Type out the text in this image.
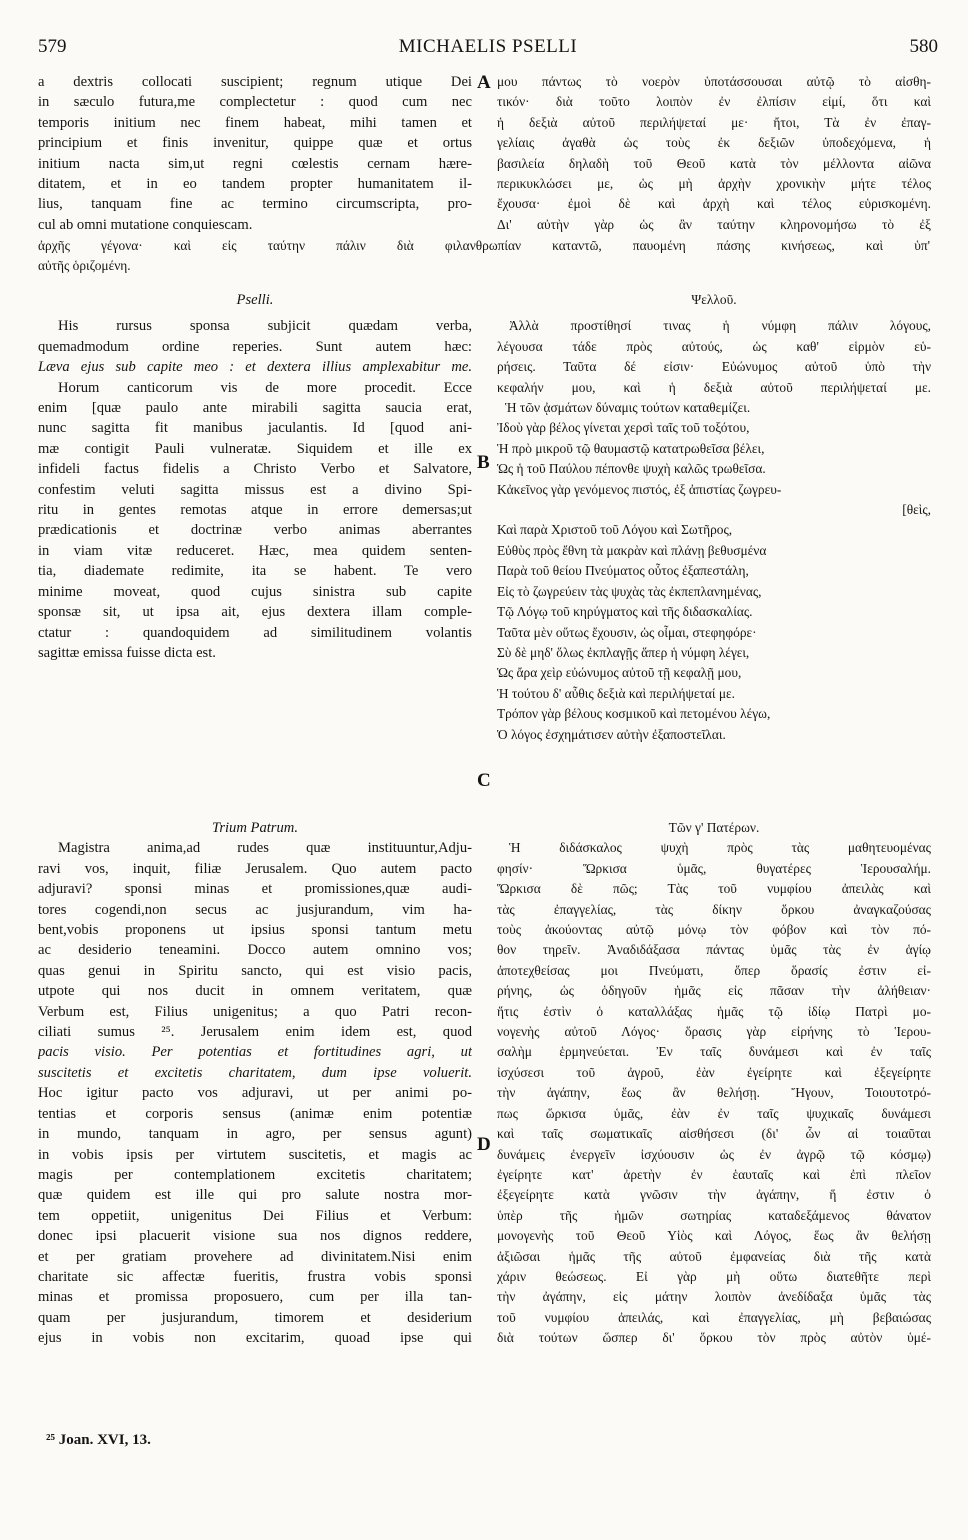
579	MICHAELIS PSELLI	580
a dextris collocati suscipient; regnum utique Dei
in sæculo futura,me complectetur : quod cum nec
temporis initium nec finem habeat, mihi tamen et
principium et finis invenitur, quippe quæ et ortus
initium nacta sim,ut regni cœlestis cernam hære-
ditatem, et in eo tandem propter humanitatem il-
lius, tanquam fine ac termino circumscripta, pro-
cul ab omni mutatione conquiescam.
A μου πάντως τὸ νοερὸν ὑποτάσσουσαι αὐτῷ τὸ αἰσθη-
τικόν· διὰ τοῦτο λοιπὸν ἐν ἐλπίσιν εἰμί, ὅτι καὶ
ἡ δεξιὰ αὐτοῦ περιλήψεταί με· ἤτοι, Τὰ ἐν ἐπαγ-
γελίαις ἀγαθὰ ὡς τοὺς ἐκ δεξιῶν ὑποδεχόμενα, ἡ
βασιλεία δηλαδὴ τοῦ Θεοῦ κατὰ τὸν μέλλοντα αἰῶνα
περικυκλώσει με, ὡς μὴ ἀρχὴν χρονικὴν μήτε τέλος
ἔχουσα· ἐμοὶ δὲ καὶ ἀρχὴ καὶ τέλος εὑρισκομένη.
Δι' αὐτὴν γὰρ ὡς ἂν ταύτην κληρονομήσω τὸ ἐξ
ἀρχῆς γέγονα· καὶ εἰς ταύτην πάλιν διὰ φιλανθρωπίαν καταντῶ, παυομένη πάσης κινήσεως, καὶ ὑπ'
αὐτῆς ὁριζομένη.
Pselli.
His rursus sponsa subjicit quædam verba,
quemadmodum ordine reperies. Sunt autem hæc:
Læva ejus sub capite meo : et dextera illius amplexabitur me.
Horum canticorum vis de more procedit. Ecce
enim [quæ paulo ante mirabili sagitta saucia erat,
nunc sagitta fit manibus jaculantis. Id [quod ani-
mæ contigit Pauli vulneratæ. Siquidem et ille ex
infideli factus fidelis a Christo Verbo et Salvatore,
confestim veluti sagitta missus est a divino Spi-
ritu in gentes remotas atque in errore demersas;ut
prædicationis et doctrinæ verbo animas aberrantes
in viam vitæ reduceret. Hæc, mea quidem senten-
tia, diademate redimite, ita se habent. Te vero
minime moveat, quod cujus sinistra sub capite
sponsæ sit, ut ipsa ait, ejus dextera illam comple-
ctatur : quandoquidem ad similitudinem volantis
sagittæ emissa fuisse dicta est.
B
Ψελλοῦ.
Ἀλλὰ προστίθησί τινας ἡ νύμφη πάλιν λόγους,
λέγουσα τάδε πρὸς αὐτούς, ὡς καθ' εἱρμὸν εὑ-
ρήσεις. Ταῦτα δέ εἰσιν· Εὐώνυμος αὐτοῦ ὑπὸ τὴν
κεφαλήν μου, καὶ ἡ δεξιὰ αὐτοῦ περιλήψεταί με.
Ἡ τῶν ᾀσμάτων δύναμις τούτων καταθεμίζει.
Ἰδοὺ γὰρ βέλος γίνεται χερσὶ ταῖς τοῦ τοξότου,
Ἡ πρὸ μικροῦ τῷ θαυμαστῷ κατατρωθεῖσα βέλει,
Ὡς ἡ τοῦ Παύλου πέπονθε ψυχὴ καλῶς τρωθεῖσα.
Κἀκεῖνος γὰρ γενόμενος πιστός, ἐξ ἀπιστίας ζωγρευ-
[θεὶς,
Καὶ παρὰ Χριστοῦ τοῦ Λόγου καὶ Σωτῆρος,
Εὐθὺς πρὸς ἔθνη τὰ μακρὰν καὶ πλάνῃ βεθυσμένα
Παρὰ τοῦ θείου Πνεύματος οὗτος ἐξαπεστάλη,
Εἰς τὸ ζωγρεύειν τὰς ψυχὰς τὰς ἐκπεπλανημένας,
Τῷ Λόγῳ τοῦ κηρύγματος καὶ τῆς διδασκαλίας.
Ταῦτα μὲν οὕτως ἔχουσιν, ὡς οἶμαι, στεφηφόρε·
Σὺ δὲ μηδ' ὅλως ἐκπλαγῇς ἅπερ ἡ νύμφη λέγει,
Ὡς ἄρα χεὶρ εὐώνυμος αὐτοῦ τῇ κεφαλῇ μου,
Ἡ τούτου δ' αὖθις δεξιὰ καὶ περιλήψεταί με.
Τρόπον γὰρ βέλους κοσμικοῦ καὶ πετομένου λέγω,
Ὁ λόγος ἐσχημάτισεν αὐτὴν ἐξαποστεῖλαι.
C
Trium Patrum.
Magistra anima,ad rudes quæ instituuntur,Adju-
ravi vos, inquit, filiæ Jerusalem. Quo autem pacto
adjuravi? sponsi minas et promissiones,quæ audi-
tores cogendi,non secus ac jusjurandum, vim ha-
bent,vobis proponens ut ipsius sponsi tantum metu
ac desiderio teneamini. Docco autem omnino vos;
quas genui in Spiritu sancto, qui est visio pacis,
utpote qui nos ducit in omnem veritatem, quæ
Verbum est, Filius unigenitus; a quo Patri recon-
ciliati sumus ²⁵. Jerusalem enim idem est, quod
pacis visio. Per potentias et fortitudines agri, ut
suscitetis et excitetis charitatem, dum ipse voluerit.
Hoc igitur pacto vos adjuravi, ut per animi po-
tentias et corporis sensus (animæ enim potentiæ
in mundo, tanquam in agro, per sensus agunt)
in vobis ipsis per virtutem suscitetis, et magis ac
magis per contemplationem excitetis charitatem;
quæ quidem est ille qui pro salute nostra mor-
tem oppetiit, unigenitus Dei Filius et Verbum:
donec ipsi placuerit visione sua nos dignos reddere,
et per gratiam provehere ad divinitatem.Nisi enim
charitate sic affectæ fueritis, frustra vobis sponsi
minas et promissa proposuero, cum per illa tan-
quam per jusjurandum, timorem et desiderium
ejus in vobis non excitarim, quoad ipse qui
D
Τῶν γ' Πατέρων.
Ἡ διδάσκαλος ψυχὴ πρὸς τὰς μαθητευομένας
φησίν· Ὥρκισα ὑμᾶς, θυγατέρες Ἱερουσαλήμ.
Ὥρκισα δὲ πῶς; Τὰς τοῦ νυμφίου ἀπειλὰς καὶ
τὰς ἐπαγγελίας, τὰς δίκην ὅρκου ἀναγκαζούσας
τοὺς ἀκούοντας αὐτῷ μόνῳ τὸν φόβον καὶ τὸν πό-
θον τηρεῖν. Ἀναδιδάξασα πάντας ὑμᾶς τὰς ἐν ἁγίῳ
ἀποτεχθείσας μοι Πνεύματι, ὅπερ ὅρασίς ἐστιν εἰ-
ρήνης, ὡς ὁδηγοῦν ἡμᾶς εἰς πᾶσαν τὴν ἀλήθειαν·
ἥτις ἐστὶν ὁ καταλλάξας ἡμᾶς τῷ ἰδίῳ Πατρὶ μο-
νογενὴς αὐτοῦ Λόγος· ὅρασις γὰρ εἰρήνης τὸ Ἱερου-
σαλὴμ ἑρμηνεύεται. Ἐν ταῖς δυνάμεσι καὶ ἐν ταῖς
ἰσχύσεσι τοῦ ἀγροῦ, ἐὰν ἐγείρητε καὶ ἐξεγείρητε
τὴν ἀγάπην, ἕως ἂν θελήσῃ. Ἤγουν, Τοιουτοτρό-
πως ὥρκισα ὑμᾶς, ἐὰν ἐν ταῖς ψυχικαῖς δυνάμεσι
καὶ ταῖς σωματικαῖς αἰσθήσεσι (δι' ὧν αἱ τοιαῦται
δυνάμεις ἐνεργεῖν ἰσχύουσιν ὡς ἐν ἀγρῷ τῷ κόσμῳ)
ἐγείρητε κατ' ἀρετὴν ἐν ἑαυταῖς καὶ ἐπὶ πλεῖον
ἐξεγείρητε κατὰ γνῶσιν τὴν ἀγάπην, ἥ ἐστιν ὁ
ὑπὲρ τῆς ἡμῶν σωτηρίας καταδεξάμενος θάνατον
μονογενὴς τοῦ Θεοῦ Υἱὸς καὶ Λόγος, ἕως ἂν θελήσῃ
ἀξιῶσαι ἡμᾶς τῆς αὐτοῦ ἐμφανείας διὰ τῆς κατὰ
χάριν θεώσεως. Εἰ γὰρ μὴ οὕτω διατεθῆτε περὶ
τὴν ἀγάπην, εἰς μάτην λοιπὸν ἀνεδίδαξα ὑμᾶς τὰς
τοῦ νυμφίου ἀπειλάς, καὶ ἐπαγγελίας, μὴ βεβαιώσας
διὰ τούτων ὥσπερ δι' ὅρκου τὸν πρὸς αὐτὸν ὑμέ-
²⁵ Joan. XVI, 13.
